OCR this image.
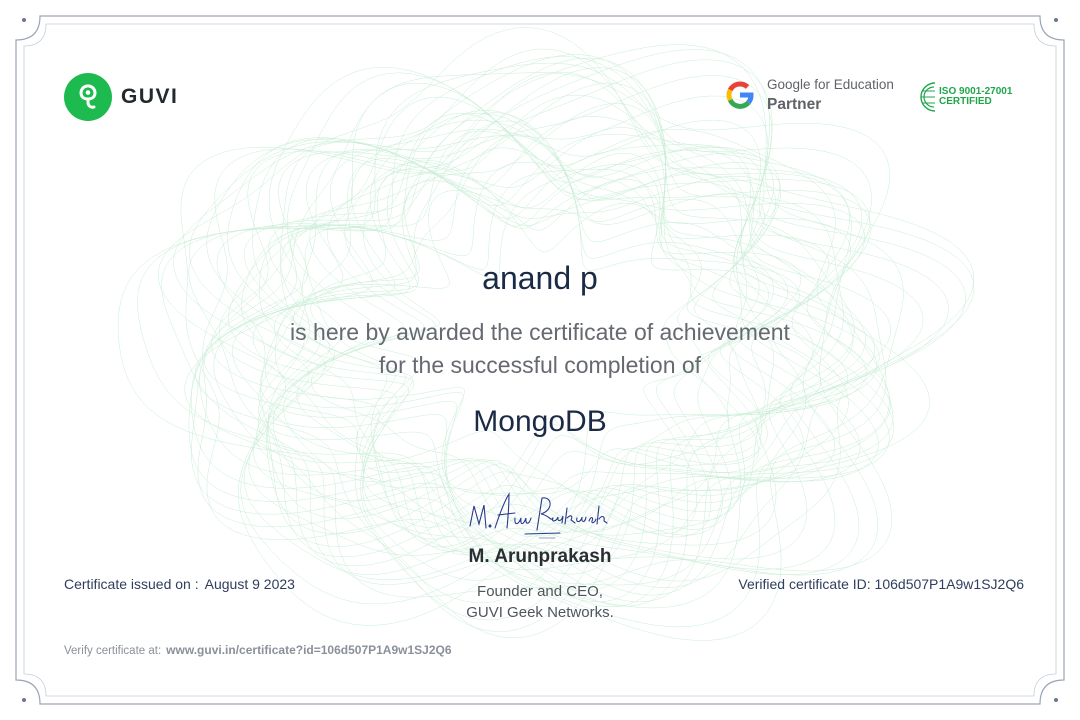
GUVI
Google for Education
Partner
ISO 9001-27001
CERTIFIED
anand p
is here by awarded the certificate of achievement
for the successful completion of
MongoDB
M. Arunprakash
M. Arunprakash
Founder and CEO,
GUVI Geek Networks.
Certificate issued on : August 9 2023	Verified certificate ID: 106d507P1A9w1SJ2Q6
Verify certificate at: www.guvi.in/certificate?id=106d507P1A9w1SJ2Q6
